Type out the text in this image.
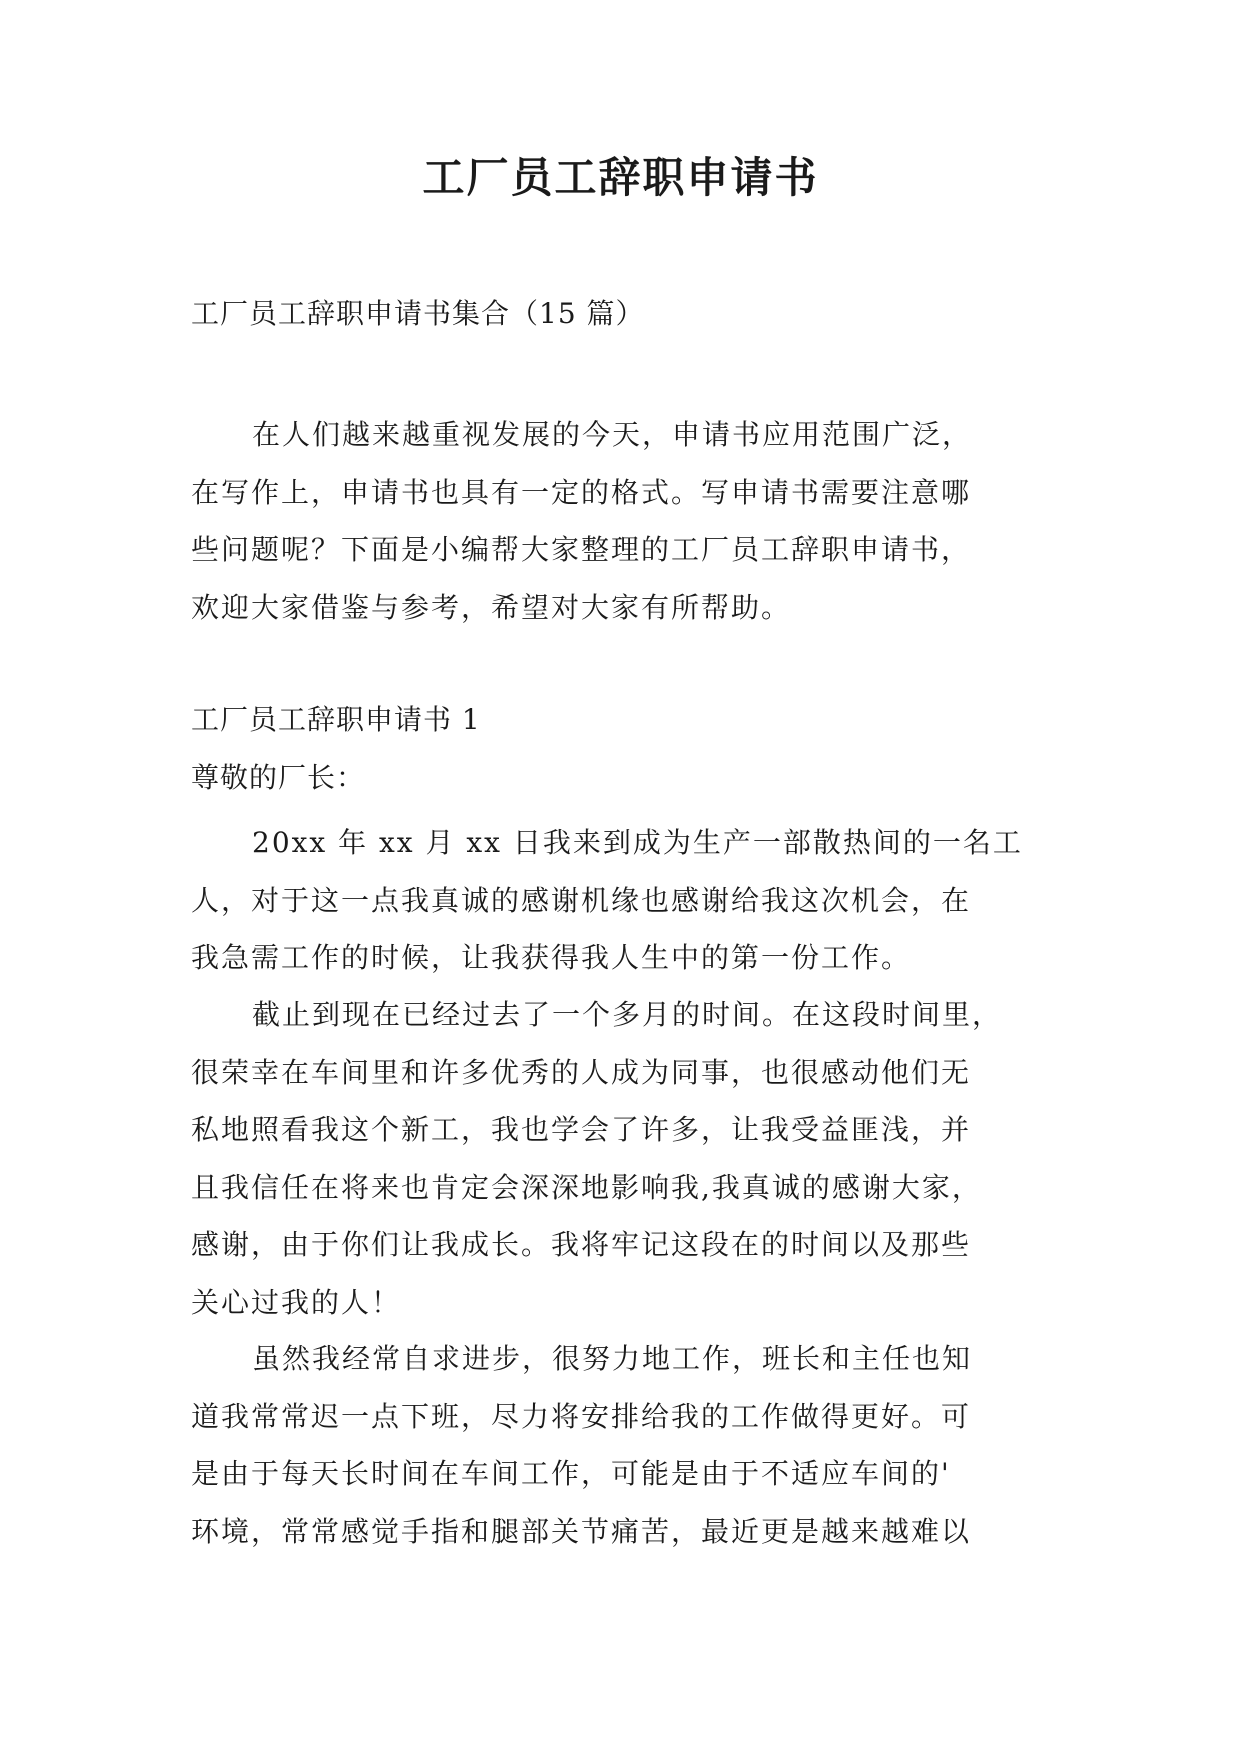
工厂员工辞职申请书
工厂员工辞职申请书集合（15 篇）
在人们越来越重视发展的今天，申请书应用范围广泛，
在写作上，申请书也具有一定的格式。写申请书需要注意哪
些问题呢？下面是小编帮大家整理的工厂员工辞职申请书，
欢迎大家借鉴与参考，希望对大家有所帮助。
工厂员工辞职申请书 1
尊敬的厂长：
20xx 年 xx 月 xx 日我来到成为生产一部散热间的一名工
人，对于这一点我真诚的感谢机缘也感谢给我这次机会，在
我急需工作的时候，让我获得我人生中的第一份工作。
截止到现在已经过去了一个多月的时间。在这段时间里，
很荣幸在车间里和许多优秀的人成为同事，也很感动他们无
私地照看我这个新工，我也学会了许多，让我受益匪浅，并
且我信任在将来也肯定会深深地影响我,我真诚的感谢大家，
感谢，由于你们让我成长。我将牢记这段在的时间以及那些
关心过我的人！
虽然我经常自求进步，很努力地工作，班长和主任也知
道我常常迟一点下班，尽力将安排给我的工作做得更好。可
是由于每天长时间在车间工作，可能是由于不适应车间的'
环境，常常感觉手指和腿部关节痛苦，最近更是越来越难以
